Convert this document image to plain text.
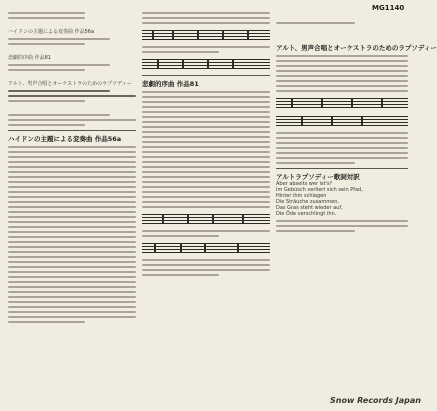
MG1140
ハイドンの主題による変奏曲 作品56a
悲劇的序曲 作品81
アルト、男声合唱とオーケストラのためのラプソディー
ハイドンの主題による変奏曲 作品56a
悲劇的序曲 作品81
アルト、男声合唱とオーケストラのためのラプソディー
アルトラプソディー歌詞対訳
Aber abseits wer ist's?
Im Gebüsch verliert sich sein Pfad,
Hinter ihm schlagen
Die Sträuche zusammen,
Das Gras steht wieder auf,
Die Öde verschlingt ihn.
Snow Records Japan
